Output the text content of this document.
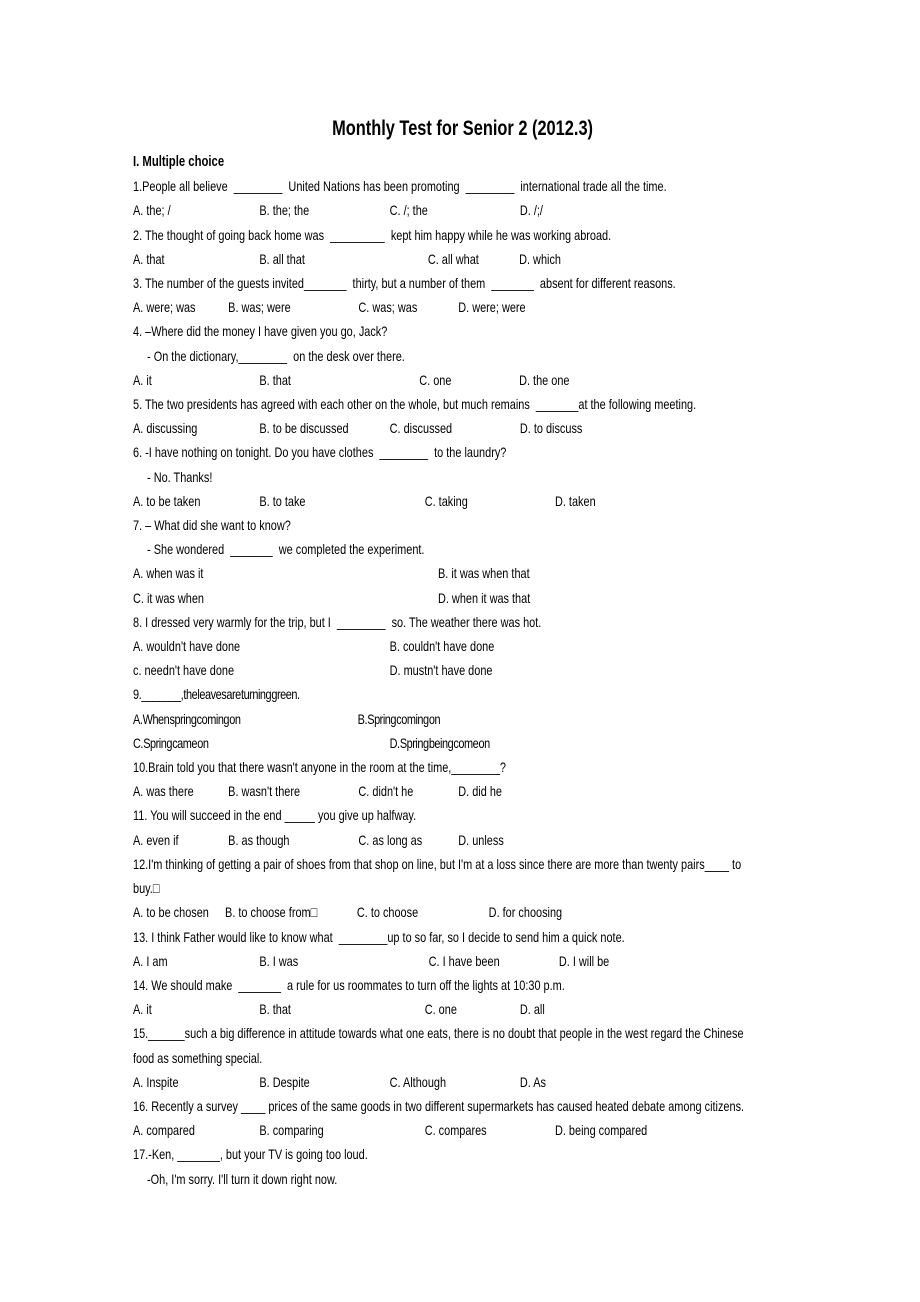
Monthly Test for Senior 2 (2012.3)
I. Multiple choice
1.People all believe  ________  United Nations has been promoting  ________  international trade all the time.
A. the; /	B. the; the	C. /; the	D. /;/
2. The thought of going back home was  _________  kept him happy while he was working abroad.
A. that	B. all that	C. all what	D. which
3. The number of the guests invited_______  thirty, but a number of them  _______  absent for different reasons.
A. were; was B. was; were	C. was; was	D. were; were
4. –Where did the money I have given you go, Jack?
- On the dictionary,________  on the desk over there.
A. it	B. that	C. one	D. the one
5. The two presidents has agreed with each other on the whole, but much remains  _______at the following meeting.
A. discussing	B. to be discussed	C. discussed	D. to discuss
6. -I have nothing on tonight. Do you have clothes  ________  to the laundry?
- No. Thanks!
A. to be taken	B. to take	C. taking	D. taken
7. – What did she want to know?
- She wondered  _______  we completed the experiment.
A. when was it	B. it was when that
C. it was when	D. when it was that
8. I dressed very warmly for the trip, but I  ________  so. The weather there was hot.
A. wouldn't have done	B. couldn't have done
c. needn't have done	D. mustn't have done
9. _______, the leaves are turning green.
A. When spring coming on	B. Spring coming on
C. Spring came on	D. Spring being come on
10.Brain told you that there wasn't anyone in the room at the time,________?
A. was there B. wasn't there	C. didn't he	D. did he
11. You will succeed in the end _____ you give up halfway.
A. even if	B. as though	C. as long as	D. unless
12.I'm thinking of getting a pair of shoes from that shop on line, but I'm at a loss since there are more than twenty pairs____ to
buy.□
A. to be chosen B. to choose from□	C. to choose	D. for choosing
13. I think Father would like to know what  ________up to so far, so I decide to send him a quick note.
A. I am	B. I was	C. I have been	D. I will be
14. We should make  _______  a rule for us roommates to turn off the lights at 10:30 p.m.
A. it	B. that	C. one	D. all
15.______such a big difference in attitude towards what one eats, there is no doubt that people in the west regard the Chinese
food as something special.
A. Inspite	B. Despite	C. Although	D. As
16. Recently a survey ____ prices of the same goods in two different supermarkets has caused heated debate among citizens.
A. compared	B. comparing	C. compares	D. being compared
17.-Ken, _______, but your TV is going too loud.
-Oh, I'm sorry. I'll turn it down right now.
